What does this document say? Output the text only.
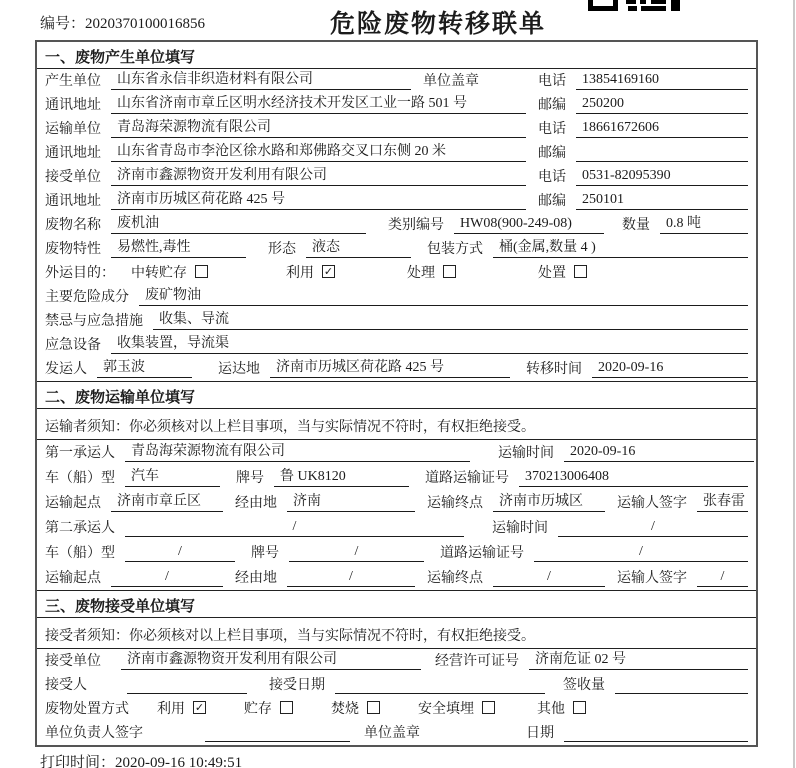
编号：2020370100016856	危险废物转移联单
一、废物产生单位填写
产生单位	山东省永信非织造材料有限公司	单位盖章	电话	13854169160
通讯地址	山东省济南市章丘区明水经济技术开发区工业一路 501 号	邮编	250200
运输单位	青岛海荣源物流有限公司	电话	18661672606
通讯地址	山东省青岛市李沧区徐水路和郑佛路交叉口东侧 20 米	邮编
接受单位	济南市鑫源物资开发利用有限公司	电话	0531-82095390
通讯地址	济南市历城区荷花路 425 号	邮编	250101
废物名称	废机油	类别编号	HW08(900-249-08)	数量	0.8 吨
废物特性	易燃性,毒性	形态	液态	包装方式	桶(金属,数量 4 )
外运目的： 中转贮存	利用 ✓	处理	处置
主要危险成分	废矿物油
禁忌与应急措施	收集、导流
应急设备	收集装置，导流渠
发运人	郭玉波	运达地	济南市历城区荷花路 425 号	转移时间	2020-09-16
二、废物运输单位填写
运输者须知：你必须核对以上栏目事项，当与实际情况不符时，有权拒绝接受。
第一承运人	青岛海荣源物流有限公司	运输时间	2020-09-16
车（船）型	汽车	牌号	鲁 UK8120	道路运输证号	370213006408
运输起点	济南市章丘区	经由地	济南	运输终点	济南市历城区	运输人签字	张春雷
第二承运人	/	运输时间	/
车（船）型	/	牌号	/	道路运输证号	/
运输起点	/	经由地	/	运输终点	/	运输人签字	/
三、废物接受单位填写
接受者须知：你必须核对以上栏目事项，当与实际情况不符时，有权拒绝接受。
接受单位	济南市鑫源物资开发利用有限公司	经营许可证号	济南危证 02 号
接受人	接受日期	签收量
废物处置方式 利用 ✓	贮存	焚烧	安全填埋	其他
单位负责人签字	单位盖章	日期
打印时间：2020-09-16 10:49:51
